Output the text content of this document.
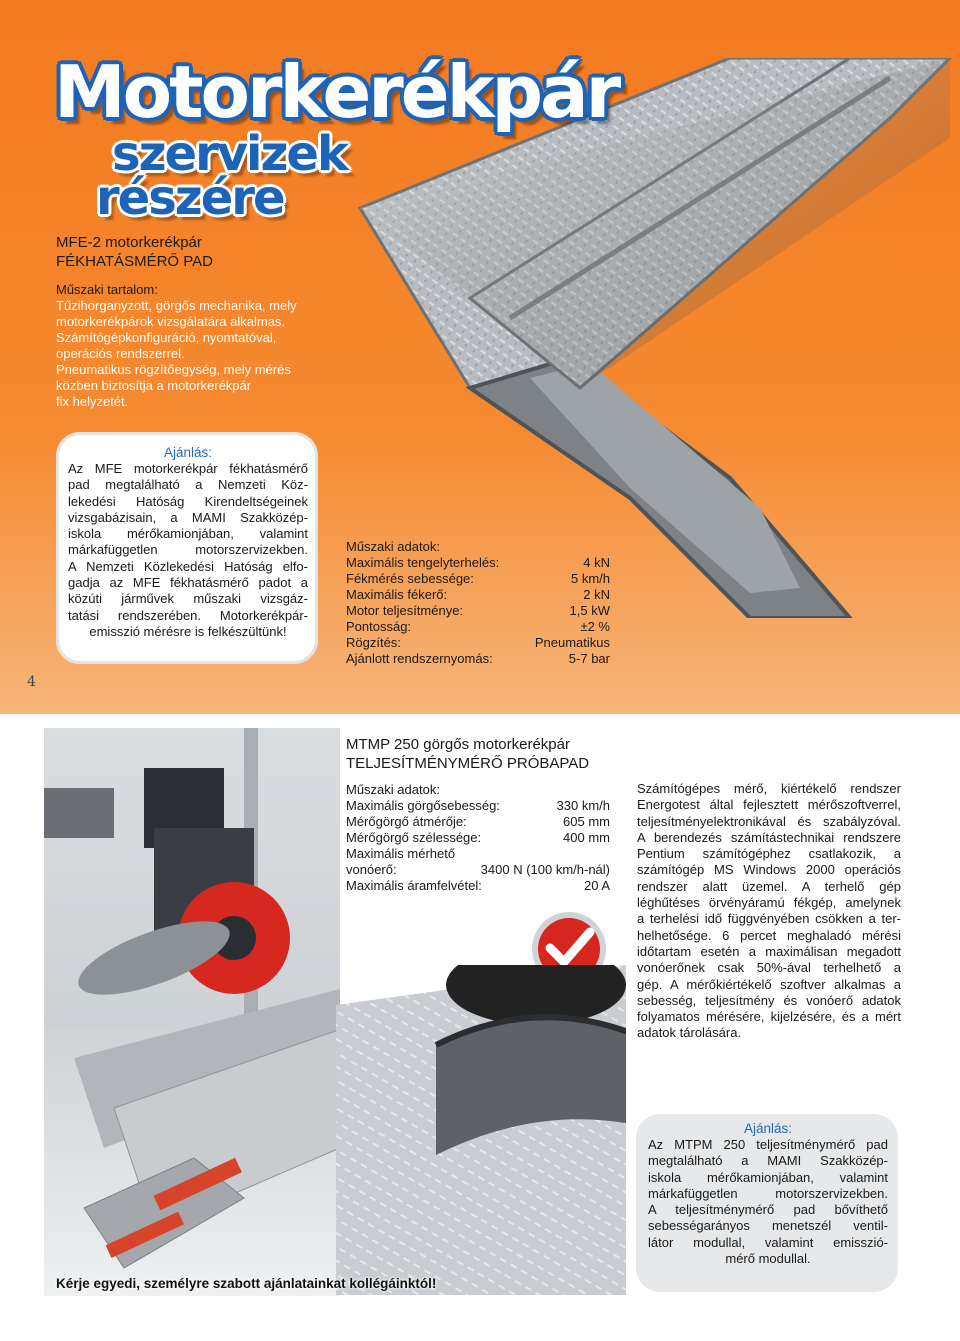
Motorkerékpár
szervizek
részére
MFE-2 motorkerékpár
FÉKHATÁSMÉRŐ PAD
Műszaki tartalom:
Tűzihorganyzott, görgős mechanika, mely
motorkerékpárok vizsgálatára alkalmas.
Számítógépkonfiguráció, nyomtatóval,
operációs rendszerrel.
Pneumatikus rögzítőegység, mely mérés
közben biztosítja a motorkerékpár
fix helyzetét.
Ajánlás:
Az MFE motorkerékpár fékhatásmérő
pad megtalálható a Nemzeti Köz-
lekedési Hatóság Kirendeltségeinek
vizsgabázisain, a MAMI Szakközép-
iskola mérőkamionjában, valamint
márkafüggetlen motorszervizekben.
A Nemzeti Közlekedési Hatóság elfo-
gadja az MFE fékhatásmérő padot a
közúti járművek műszaki vizsgáz-
tatási rendszerében. Motorkerékpár-
emisszió mérésre is felkészültünk!
Műszaki adatok:
Maximális tengelyterhelés:	4 kN
Fékmérés sebessége:	5 km/h
Maximális fékerő:	2 kN
Motor teljesítménye:	1,5 kW
Pontosság:	±2 %
Rögzítés:	Pneumatikus
Ajánlott rendszernyomás:	5-7 bar
4
MTMP 250 görgős motorkerékpár
TELJESÍTMÉNYMÉRŐ PRÓBAPAD
Műszaki adatok:
Maximális görgősebesség:	330 km/h
Mérőgörgő átmérője:	605 mm
Mérőgörgő szélessége:	400 mm
Maximális mérhető
vonóerő:	3400 N (100 km/h-nál)
Maximális áramfelvétel:	20 A
Számítógépes mérő, kiértékelő rendszer
Energotest által fejlesztett mérőszoftverrel,
teljesítményelektronikával és szabályzóval.
A berendezés számítástechnikai rendszere
Pentium számítógéphez csatlakozik, a
számítógép MS Windows 2000 operációs
rendszer alatt üzemel. A terhelő gép
léghűtéses örvényáramú fékgép, amelynek
a terhelési idő függvényében csökken a ter-
helhetősége. 6 percet meghaladó mérési
időtartam esetén a maximálisan megadott
vonóerőnek csak 50%-ával terhelhető a
gép. A mérőkiértékelő szoftver alkalmas a
sebesség, teljesítmény és vonóerő adatok
folyamatos mérésére, kijelzésére, és a mért
adatok tárolására.
Ajánlás:
Az MTPM 250 teljesítménymérő pad
megtalálható a MAMI Szakközép-
iskola mérőkamionjában, valamint
márkafüggetlen motorszervizekben.
A teljesítménymérő pad bővíthető
sebességarányos menetszél ventil-
látor modullal, valamint emisszió-
mérő modullal.
Kérje egyedi, személyre szabott ajánlatainkat kollégáinktól!
